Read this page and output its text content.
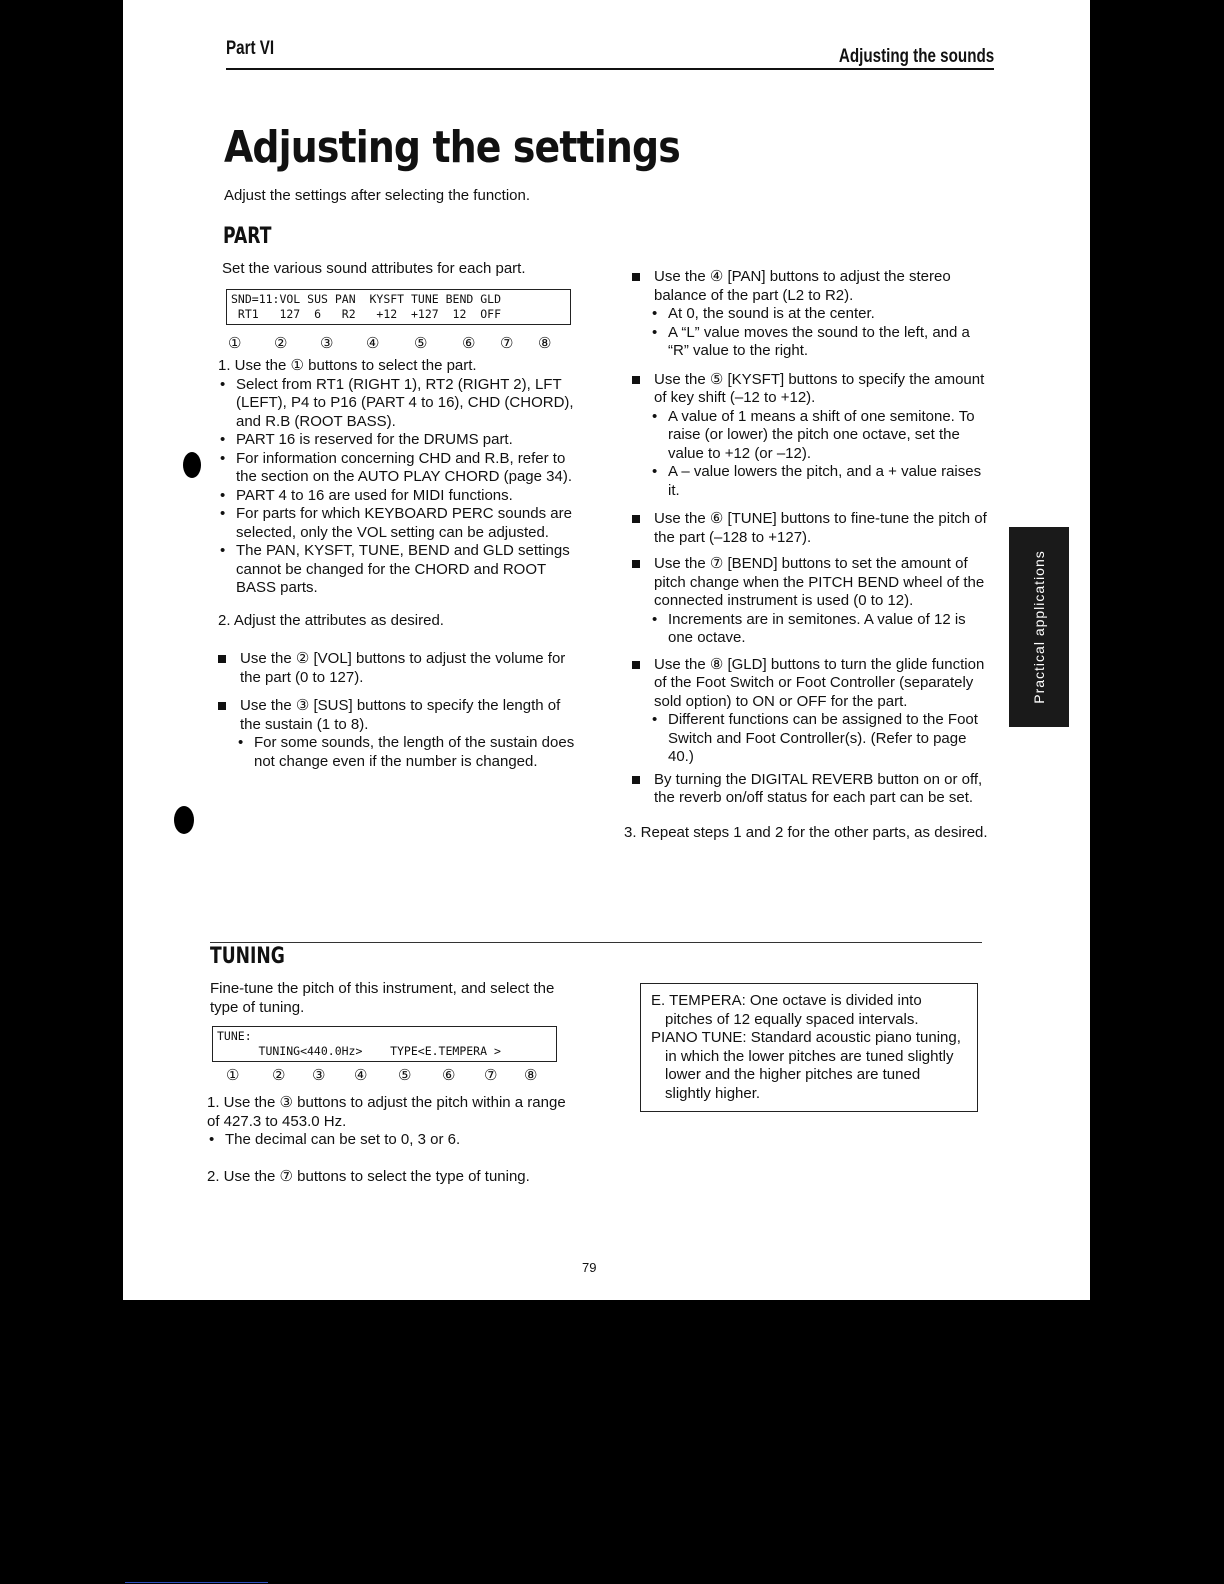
Part VI	Adjusting the sounds
Adjusting the settings
Adjust the settings after selecting the function.
PART
Set the various sound attributes for each part.
SND=11:VOL SUS PAN  KYSFT TUNE BEND GLD
RT1   127  6   R2   +12  +127  12  OFF

①

②

③

④

⑤

⑥

⑦

⑧

1. Use the ① buttons to select the part.

• Select from RT1 (RIGHT 1), RT2 (RIGHT 2), LFT (LEFT), P4 to P16 (PART 4 to 16), CHD (CHORD), and R.B (ROOT BASS).

• PART 16 is reserved for the DRUMS part.

• For information concerning CHD and R.B, refer to the section on the AUTO PLAY CHORD (page 34).

• PART 4 to 16 are used for MIDI functions.

• For parts for which KEYBOARD PERC sounds are selected, only the VOL setting can be adjusted.

• The PAN, KYSFT, TUNE, BEND and GLD settings cannot be changed for the CHORD and ROOT BASS parts.

2. Adjust the attributes as desired.

Use the ② [VOL] buttons to adjust the volume for the part (0 to 127).

Use the ③ [SUS] buttons to specify the length of the sustain (1 to 8).

• For some sounds, the length of the sustain does not change even if the number is changed.

Use the ④ [PAN] buttons to adjust the stereo balance of the part (L2 to R2).

• At 0, the sound is at the center.

• A “L” value moves the sound to the left, and a “R” value to the right.

Use the ⑤ [KYSFT] buttons to specify the amount of key shift (–12 to +12).

• A value of 1 means a shift of one semitone. To raise (or lower) the pitch one octave, set the value to +12 (or –12).

• A – value lowers the pitch, and a + value raises it.

Use the ⑥ [TUNE] buttons to fine-tune the pitch of the part (–128 to +127).

Use the ⑦ [BEND] buttons to set the amount of pitch change when the PITCH BEND wheel of the connected instrument is used (0 to 12).

• Increments are in semitones. A value of 12 is one octave.

Use the ⑧ [GLD] buttons to turn the glide function of the Foot Switch or Foot Controller (separately sold option) to ON or OFF for the part.

• Different functions can be assigned to the Foot Switch and Foot Controller(s). (Refer to page 40.)

By turning the DIGITAL REVERB button on or off, the reverb on/off status for each part can be set.

3. Repeat steps 1 and 2 for the other parts, as desired.

TUNING
Fine-tune the pitch of this instrument, and select the type of tuning.
TUNE:
TUNING<440.0Hz>    TYPE<E.TEMPERA >

①

②

③

④

⑤

⑥

⑦

⑧

1. Use the ③ buttons to adjust the pitch within a range of 427.3 to 453.0 Hz.

• The decimal can be set to 0, 3 or 6.

2. Use the ⑦ buttons to select the type of tuning.

E. TEMPERA: One octave is divided into pitches of 12 equally spaced intervals.

PIANO TUNE: Standard acoustic piano tuning, in which the lower pitches are tuned slightly lower and the higher pitches are tuned slightly higher.

Practical applications
79
